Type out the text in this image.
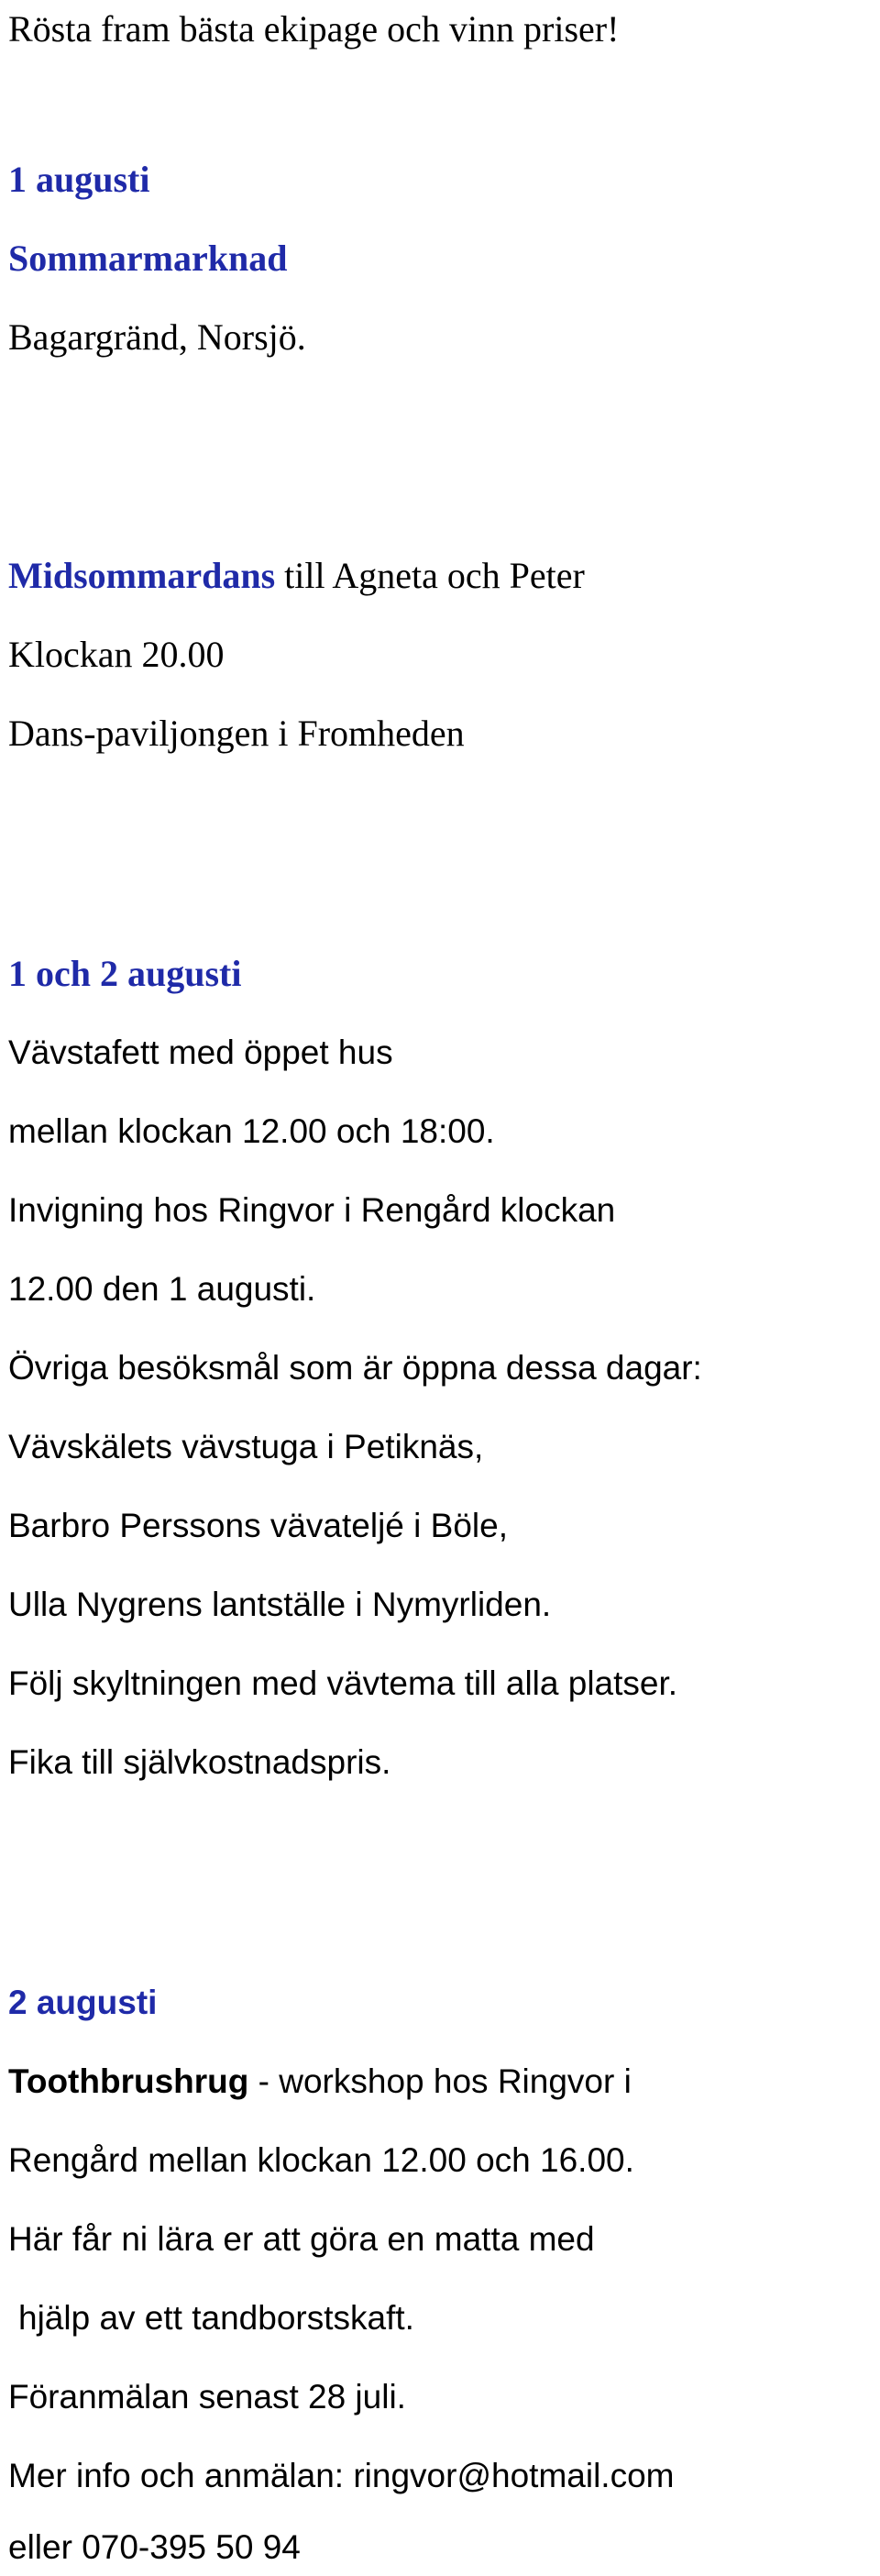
Rösta fram bästa ekipage och vinn priser!
1 augusti
Sommarmarknad
Bagargränd, Norsjö.
Midsommardans till Agneta och Peter
Klockan 20.00
Dans-paviljongen i Fromheden
1 och 2 augusti
Vävstafett med öppet hus
mellan klockan 12.00 och 18:00.
Invigning hos Ringvor i Rengård klockan
12.00 den 1 augusti.
Övriga besöksmål som är öppna dessa dagar:
Vävskälets vävstuga i Petiknäs,
Barbro Perssons vävateljé i Böle,
Ulla Nygrens lantställe i Nymyrliden.
Följ skyltningen med vävtema till alla platser.
Fika till självkostnadspris.
2 augusti
Toothbrushrug - workshop hos Ringvor i
Rengård mellan klockan 12.00 och 16.00.
Här får ni lära er att göra en matta med
hjälp av ett tandborstskaft.
Föranmälan senast 28 juli.
Mer info och anmälan: ringvor@hotmail.com
eller 070-395 50 94
